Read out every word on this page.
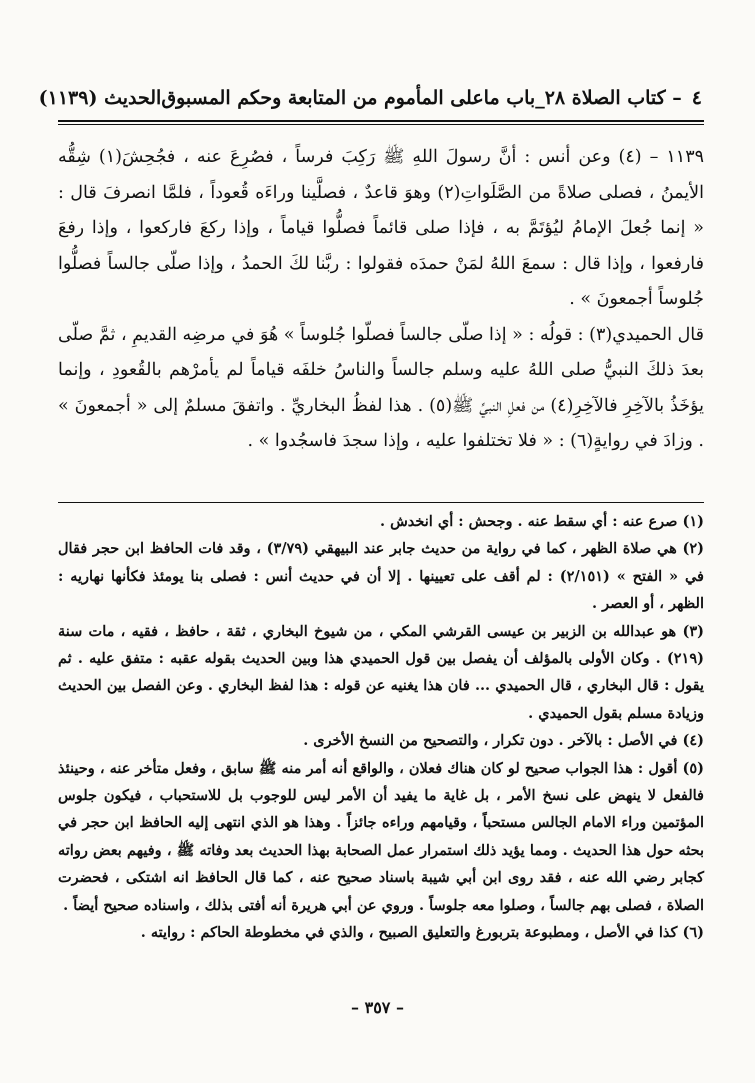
٤
– كتاب الصلاة ٢٨_باب ماعلى المأموم من المتابعة وحكم المسبوق
الحديث (١١٣٩)

١١٣٩ – (٤) وعن أنس : أنَّ رسولَ اللهِ ﷺ رَكِبَ فرساً ، فصُرِعَ عنه ، فجُحِشَ(١) شِقُّه الأيمنُ ، فصلى صلاةً من الصَّلَواتِ(٢) وهوَ قاعدٌ ، فصلَّينا وراءَه قُعوداً ، فلمَّا انصرفَ قال : « إنما جُعلَ الإمامُ ليُؤتَمَّ به ، فإذا صلى قائماً فصلُّوا قياماً ، وإذا ركعَ فاركعوا ، وإذا رفعَ فارفعوا ، وإذا قال : سمعَ اللهُ لمَنْ حمدَه فقولوا : ربَّنا لكَ الحمدُ ، وإذا صلّى جالساً فصلُّوا جُلوساً أجمعونَ » .

قال الحميدي(٣) : قولُه : « إذا صلّى جالساً فصلّوا جُلوساً » هُوَ في مرضِه القديمِ ، ثمَّ صلّى بعدَ ذلكَ النبيُّ صلى اللهُ عليه وسلم جالساً والناسُ خلفَه قياماً لم يأمرْهم بالقُعودِ ، وإنما يؤخَذُ بالآخِرِ فالآخِرِ(٤) من فعلِ النبيِّ ﷺ(٥) . هذا لفظُ البخاريِّ . واتفقَ مسلمٌ إلى « أجمعونَ » . وزادَ في روايةٍ(٦) : « فلا تختلفوا عليه ، وإذا سجدَ فاسجُدوا » .

(١) صرع عنه : أي سقط عنه . وجحش : أي انخدش .

(٢) هي صلاة الظهر ، كما في رواية من حديث جابر عند البيهقي (٣/٧٩) ، وقد فات الحافظ ابن حجر فقال في « الفتح » (٢/١٥١) : لم أقف على تعيينها . إلا أن في حديث أنس : فصلى بنا يومئذ فكأنها نهاريه : الظهر ، أو العصر .

(٣) هو عبدالله بن الزبير بن عيسى القرشي المكي ، من شيوخ البخاري ، ثقة ، حافظ ، فقيه ، مات سنة (٢١٩) . وكان الأولى بالمؤلف أن يفصل بين قول الحميدي هذا وبين الحديث بقوله عقبه : متفق عليه . ثم يقول : قال البخاري ، قال الحميدي ... فان هذا يغنيه عن قوله : هذا لفظ البخاري . وعن الفصل بين الحديث وزيادة مسلم بقول الحميدي .

(٤) في الأصل : بالآخر . دون تكرار ، والتصحيح من النسخ الأخرى .

(٥) أقول : هذا الجواب صحيح لو كان هناك فعلان ، والواقع أنه أمر منه ﷺ سابق ، وفعل متأخر عنه ، وحينئذ فالفعل لا ينهض على نسخ الأمر ، بل غاية ما يفيد أن الأمر ليس للوجوب بل للاستحباب ، فيكون جلوس المؤتمين وراء الامام الجالس مستحباً ، وقيامهم وراءه جائزاً . وهذا هو الذي انتهى إليه الحافظ ابن حجر في بحثه حول هذا الحديث . ومما يؤيد ذلك استمرار عمل الصحابة بهذا الحديث بعد وفاته ﷺ ، وفيهم بعض رواته كجابر رضي الله عنه ، فقد روى ابن أبي شيبة باسناد صحيح عنه ، كما قال الحافظ انه اشتكى ، فحضرت الصلاة ، فصلى بهم جالساً ، وصلوا معه جلوساً . وروي عن أبي هريرة أنه أفتى بذلك ، واسناده صحيح أيضاً .

(٦) كذا في الأصل ، ومطبوعة بتربورغ والتعليق الصبيح ، والذي في مخطوطة الحاكم : روايته .

– ٣٥٧ –
